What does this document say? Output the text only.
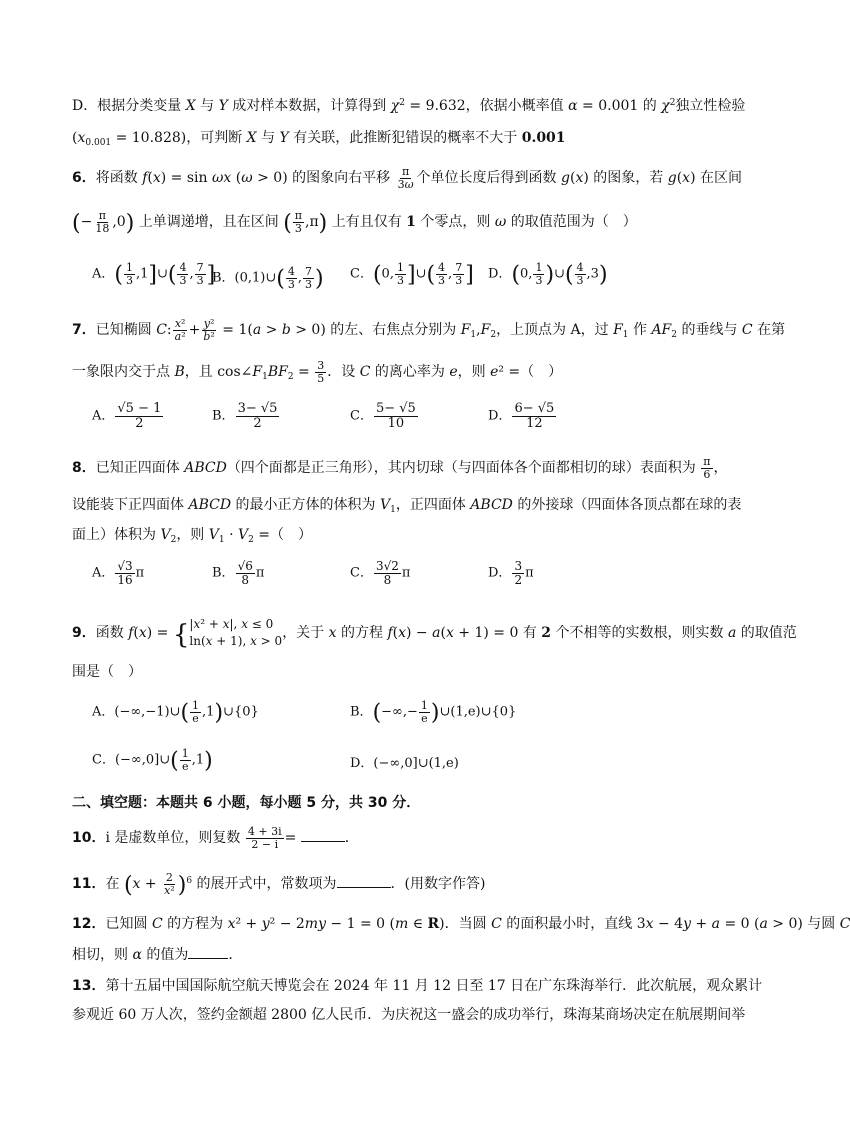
D．根据分类变量 X 与 Y 成对样本数据，计算得到 $\chi^2 = 9.632$，依据小概率值 α = 0.001 的 $\chi^2$独立性检验
$(x_{0.001} = 10.828)$，可判断 X 与 Y 有关联，此推断犯错误的概率不大于 0.001
6．将函数 f(x) = sin ωx (ω > 0) 的图象向右平移 $\frac{\pi}{3\omega}$ 个单位长度后得到函数 g(x) 的图象，若 g(x) 在区间
(− $\frac{\pi}{18} ,0$) 上单调递增，且在区间 ( $\frac{\pi}{3} ,\pi$) 上有且仅有 1 个零点，则 ω 的取值范围为（　）
A．( $\frac{1}{3}$ ,1]∪( $\frac{4}{3}$ , $\frac{7}{3}$ ]
B．(0,1)∪( $\frac{4}{3}$ , $\frac{7}{3}$ ) C．(0, $\frac{1}{3}$ ]∪( $\frac{4}{3}$ , $\frac{7}{3}$ ] D．(0, $\frac{1}{3}$ )∪( $\frac{4}{3} ,3$)
7．已知椭圆 C: $\frac{\text{x²}}{\text{a²}} + \frac{\text{y²}}{\text{b²}} = 1(a > b > 0)$ 的左、右焦点分别为 $F_1,F_2$，上顶点为 A，过 $F_1$ 作 $AF_2$ 的垂线与 C 在第
一象限内交于点 B，且 $\cos\angle F_1BF_2 = \frac{3}{5}$ ．设 C 的离心率为 e，则 e² =（　）
A． $\frac{√5 - 1}{2}$	B． $\frac{3- √5}{2}$	C． $\frac{5- √5}{10}$	D． $\frac{6- √5}{12}$
8．已知正四面体 ABCD（四个面都是正三角形），其内切球（与四面体各个面都相切的球）表面积为 $\frac{\pi}{6}$ ，
设能装下正四面体 ABCD 的最小正方体的体积为 $V_1$，正四面体 ABCD 的外接球（四面体各顶点都在球的表
面上）体积为 $V_2$，则 $V_1 \cdot V_2$ =（　）
A． $\frac{√3}{16}$ π	B． $\frac{√6}{8}$ π	C． $\frac{3√2}{8}$ π	D． $\frac{3}{2}$ π
9．函数 f(x) = { |x² + x|, x ≤ 0
ln(x + 1), x > 0 ，关于 x 的方程 f(x) − a(x + 1) = 0 有 2 个不相等的实数根，则实数 a 的取值范
围是（　）
A．(−∞,−1)∪( $\frac{1}{e}$ ,1)∪{0}	B．(−∞,− $\frac{1}{e}$ )∪(1,e)∪{0}
C．(−∞,0]∪( $\frac{1}{e} ,1$)	D．(−∞,0]∪(1,e)
二、填空题：本题共 6 小题，每小题 5 分，共 30 分．
10．i 是虚数单位，则复数 $\frac{4 + 3i}{2 - i}$ =	．
11．在 $(x + \frac{2}{\text{x²}} )^6$ 的展开式中，常数项为	．(用数字作答)
12．已知圆 C 的方程为 x² + y² − 2my − 1 = 0 (m ∈ R)．当圆 C 的面积最小时，直线 3x − 4y + a = 0 (a > 0) 与圆 C
相切，则 α 的值为	．
13．第十五届中国国际航空航天博览会在 2024 年 11 月 12 日至 17 日在广东珠海举行．此次航展，观众累计
参观近 60 万人次，签约金额超 2800 亿人民币．为庆祝这一盛会的成功举行，珠海某商场决定在航展期间举
